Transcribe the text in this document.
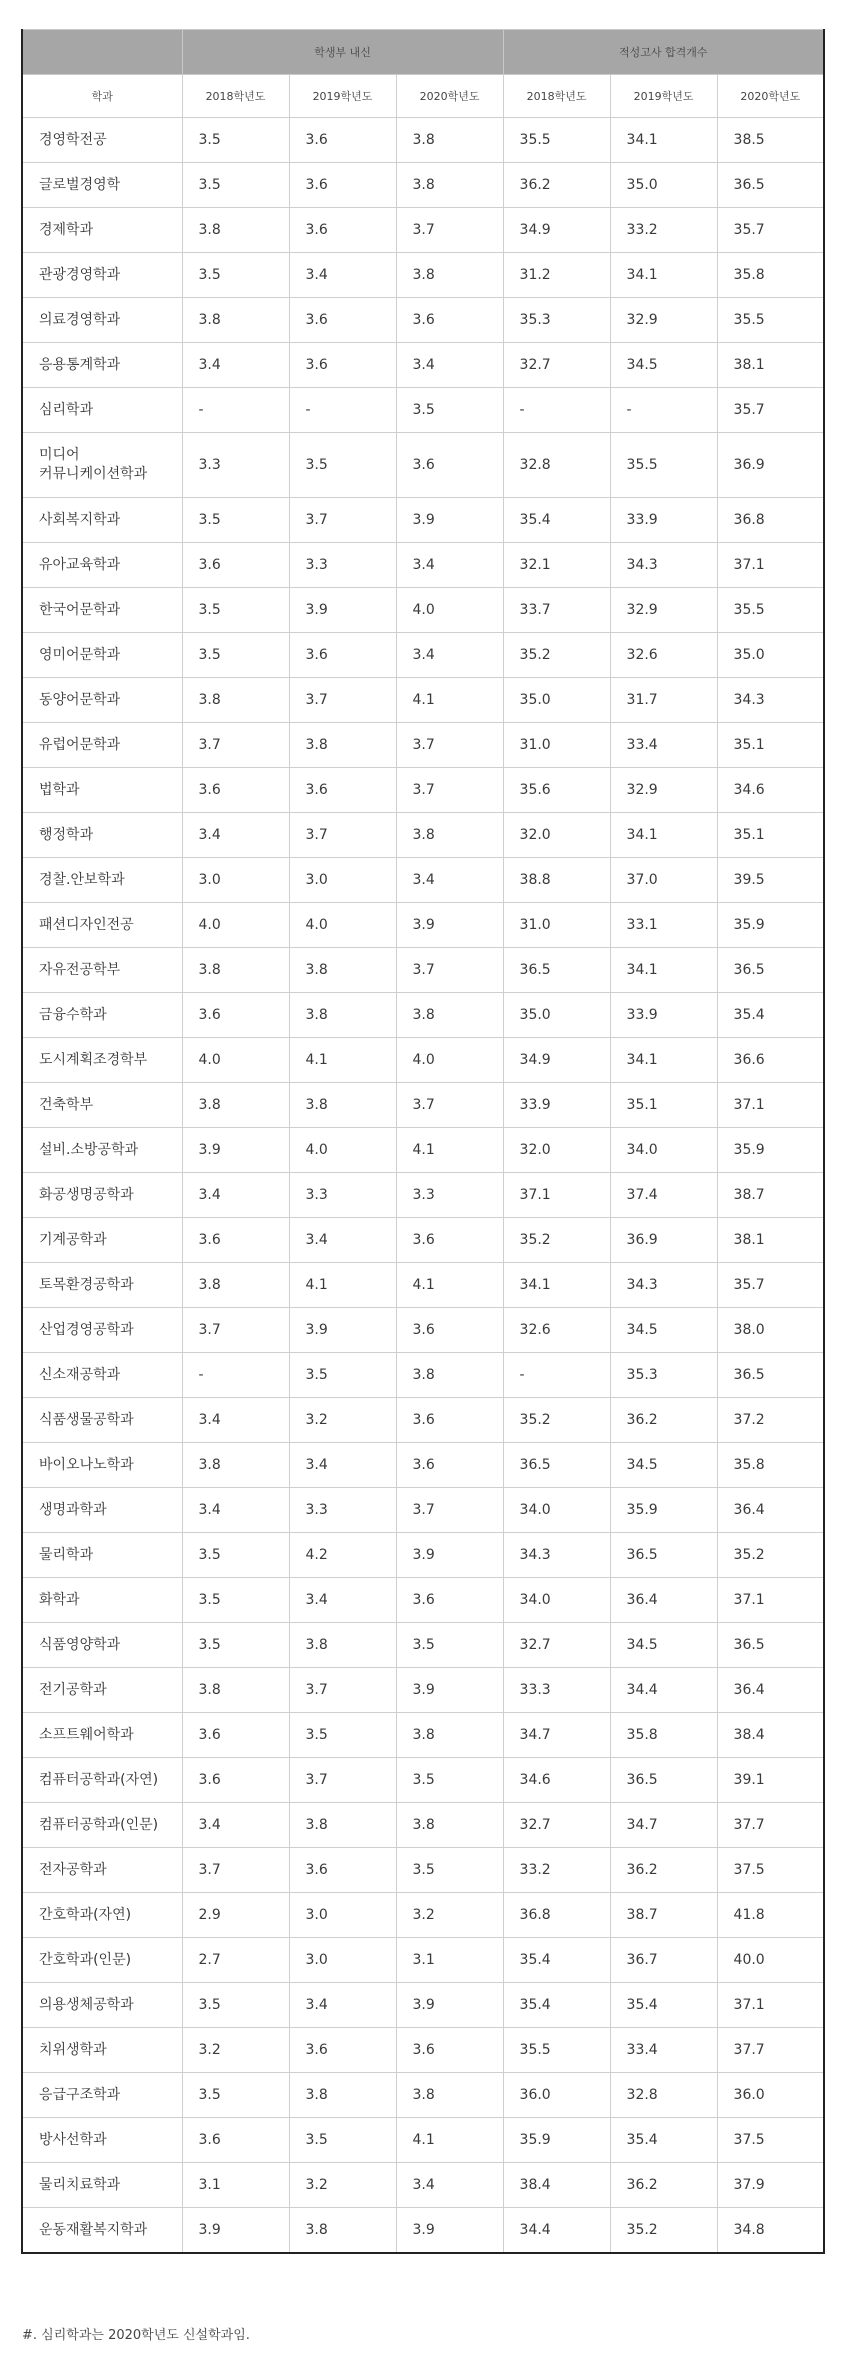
	학생부 내신			적성고사 합격개수		
학과	2018학년도	2019학년도	2020학년도	2018학년도	2019학년도	2020학년도
경영학전공	3.5	3.6	3.8	35.5	34.1	38.5
글로벌경영학	3.5	3.6	3.8	36.2	35.0	36.5
경제학과	3.8	3.6	3.7	34.9	33.2	35.7
관광경영학과	3.5	3.4	3.8	31.2	34.1	35.8
의료경영학과	3.8	3.6	3.6	35.3	32.9	35.5
응용통계학과	3.4	3.6	3.4	32.7	34.5	38.1
심리학과	-	-	3.5	-	-	35.7
미디어
커뮤니케이션학과	3.3	3.5	3.6	32.8	35.5	36.9
사회복지학과	3.5	3.7	3.9	35.4	33.9	36.8
유아교육학과	3.6	3.3	3.4	32.1	34.3	37.1
한국어문학과	3.5	3.9	4.0	33.7	32.9	35.5
영미어문학과	3.5	3.6	3.4	35.2	32.6	35.0
동양어문학과	3.8	3.7	4.1	35.0	31.7	34.3
유럽어문학과	3.7	3.8	3.7	31.0	33.4	35.1
법학과	3.6	3.6	3.7	35.6	32.9	34.6
행정학과	3.4	3.7	3.8	32.0	34.1	35.1
경찰.안보학과	3.0	3.0	3.4	38.8	37.0	39.5
패션디자인전공	4.0	4.0	3.9	31.0	33.1	35.9
자유전공학부	3.8	3.8	3.7	36.5	34.1	36.5
금융수학과	3.6	3.8	3.8	35.0	33.9	35.4
도시계획조경학부	4.0	4.1	4.0	34.9	34.1	36.6
건축학부	3.8	3.8	3.7	33.9	35.1	37.1
설비.소방공학과	3.9	4.0	4.1	32.0	34.0	35.9
화공생명공학과	3.4	3.3	3.3	37.1	37.4	38.7
기계공학과	3.6	3.4	3.6	35.2	36.9	38.1
토목환경공학과	3.8	4.1	4.1	34.1	34.3	35.7
산업경영공학과	3.7	3.9	3.6	32.6	34.5	38.0
신소재공학과	-	3.5	3.8	-	35.3	36.5
식품생물공학과	3.4	3.2	3.6	35.2	36.2	37.2
바이오나노학과	3.8	3.4	3.6	36.5	34.5	35.8
생명과학과	3.4	3.3	3.7	34.0	35.9	36.4
물리학과	3.5	4.2	3.9	34.3	36.5	35.2
화학과	3.5	3.4	3.6	34.0	36.4	37.1
식품영양학과	3.5	3.8	3.5	32.7	34.5	36.5
전기공학과	3.8	3.7	3.9	33.3	34.4	36.4
소프트웨어학과	3.6	3.5	3.8	34.7	35.8	38.4
컴퓨터공학과(자연)	3.6	3.7	3.5	34.6	36.5	39.1
컴퓨터공학과(인문)	3.4	3.8	3.8	32.7	34.7	37.7
전자공학과	3.7	3.6	3.5	33.2	36.2	37.5
간호학과(자연)	2.9	3.0	3.2	36.8	38.7	41.8
간호학과(인문)	2.7	3.0	3.1	35.4	36.7	40.0
의용생체공학과	3.5	3.4	3.9	35.4	35.4	37.1
치위생학과	3.2	3.6	3.6	35.5	33.4	37.7
응급구조학과	3.5	3.8	3.8	36.0	32.8	36.0
방사선학과	3.6	3.5	4.1	35.9	35.4	37.5
물리치료학과	3.1	3.2	3.4	38.4	36.2	37.9
운동재활복지학과	3.9	3.8	3.9	34.4	35.2	34.8
#. 심리학과는 2020학년도 신설학과임.
